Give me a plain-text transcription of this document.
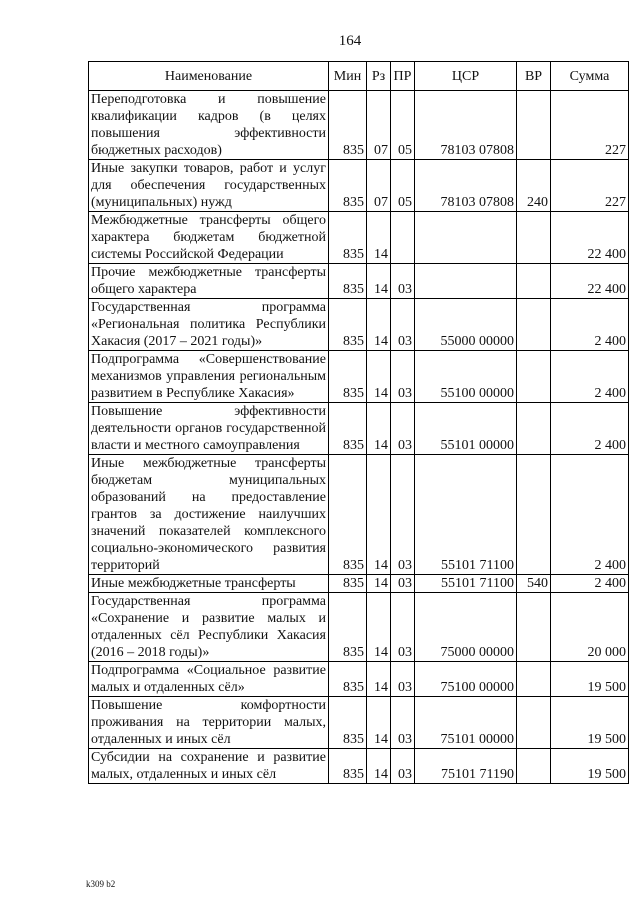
164
Наименование	Мин	Рз	ПР	ЦСР	ВР	Сумма
Переподготовка и повышение квалификации кадров (в целях повышения эффективности бюджетных расходов)	835	07	05	78103 07808		227
Иные закупки товаров, работ и услуг для обеспечения государственных (муниципальных) нужд	835	07	05	78103 07808	240	227
Межбюджетные трансферты общего характера бюджетам бюджетной системы Российской Федерации	835	14				22 400
Прочие межбюджетные трансферты общего характера	835	14	03			22 400
Государственная программа «Региональная политика Республики Хакасия (2017 – 2021 годы)»	835	14	03	55000 00000		2 400
Подпрограмма «Совершенствование механизмов управления региональным развитием в Республике Хакасия»	835	14	03	55100 00000		2 400
Повышение эффективности деятельности органов государственной власти и местного самоуправления	835	14	03	55101 00000		2 400
Иные межбюджетные трансферты бюджетам муниципальных образований на предоставление грантов за достижение наилучших значений показателей комплексного социально-экономического развития территорий	835	14	03	55101 71100		2 400
Иные межбюджетные трансферты	835	14	03	55101 71100	540	2 400
Государственная программа «Сохранение и развитие малых и отдаленных сёл Республики Хакасия (2016 – 2018 годы)»	835	14	03	75000 00000		20 000
Подпрограмма «Социальное развитие малых и отдаленных сёл»	835	14	03	75100 00000		19 500
Повышение комфортности проживания на территории малых, отдаленных и иных сёл	835	14	03	75101 00000		19 500
Субсидии на сохранение и развитие малых, отдаленных и иных сёл	835	14	03	75101 71190		19 500
k309 b2
